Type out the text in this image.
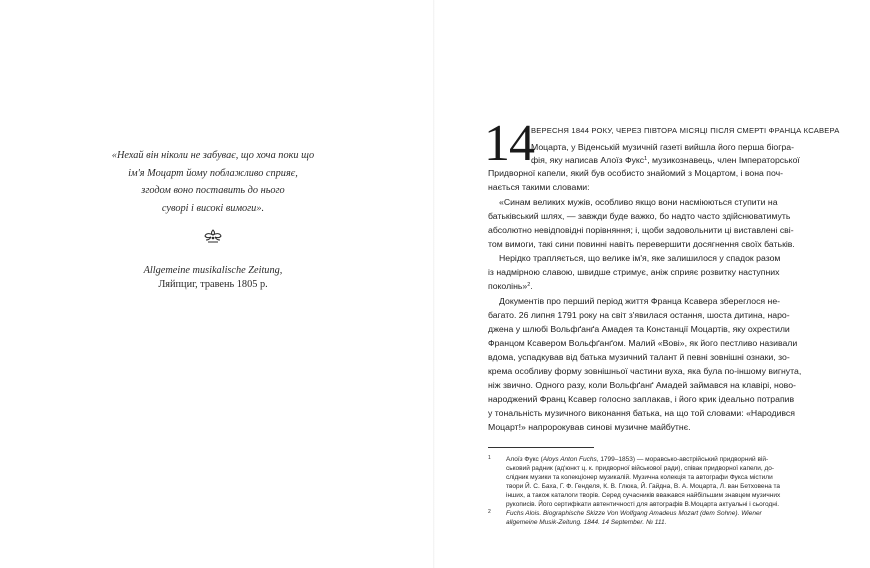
«Нехай він ніколи не забуває, що хоча поки що
ім'я Моцарт йому поблажливо сприяє,
згодом воно поставить до нього
суворі і високі вимоги».
Allgemeine musikalische Zeitung,
Ляйпциг, травень 1805 р.
14
ВЕРЕСНЯ 1844 РОКУ, ЧЕРЕЗ ПІВТОРА МІСЯЦІ ПІСЛЯ СМЕРТІ ФРАНЦА КСАВЕРА
Моцарта, у Віденській музичній газеті вийшла його перша біогра-
фія, яку написав Алоїз Фукс$^1$, музикознавець, член Імператорської
Придворної капели, який був особисто знайомий з Моцартом, і вона поч-
нається такими словами:
«Синам великих мужів, особливо якщо вони насміюються ступити на
батьківський шлях, — завжди буде важко, бо надто часто здійснюватимуть
абсолютно невідповідні порівняння; і, щоби задовольнити ці виставлені сві-
том вимоги, такі сини повинні навіть перевершити досягнення своїх батьків.
Нерідко трапляється, що велике ім'я, яке залишилося у спадок разом
із надмірною славою, швидше стримує, аніж сприяє розвитку наступних
поколінь»$^2$.
Документів про перший період життя Франца Ксавера збереглося не-
багато. 26 липня 1791 року на світ з'явилася остання, шоста дитина, наро-
джена у шлюбі Вольфґанґа Амадея та Констанції Моцартів, яку охрестили
Францом Ксавером Вольфґанґом. Малий «Вові», як його пестливо називали
вдома, успадкував від батька музичний талант й певні зовнішні ознаки, зо-
крема особливу форму зовнішньої частини вуха, яка була по-іншому вигнута,
ніж звично. Одного разу, коли Вольфґанґ Амадей займався на клавірі, ново-
народжений Франц Ксавер голосно заплакав, і його крик ідеально потрапив
у тональність музичного виконання батька, на що той словами: «Народився
Моцарт!» напророкував синові музичне майбутнє.
1 Алоїз Фукс (Aloys Anton Fuchs, 1799–1853) — моравсько-австрійський придворний вій-
ськовий радник (ад'юнкт ц. к. придворної військової ради), співак придворної капели, до-
слідник музики та колекціонер музикалій. Музична колекція та автографи Фукса містили
твори Й. С. Баха, Г. Ф. Генделя, К. В. Глюка, Й. Гайдна, В. А. Моцарта, Л. ван Бетховена та
інших, а також каталоги творів. Серед сучасників вважався найбільшим знавцем музичних
рукописів. Його сертифікати автентичності для автографів В.Моцарта актуальні і сьогодні.
2 Fuchs Alois. Biographische Skizze Von Wolfgang Amadeus Mozart (dem Sohne). Wiener
allgemeine Musik-Zeitung. 1844. 14 September. № 111.
